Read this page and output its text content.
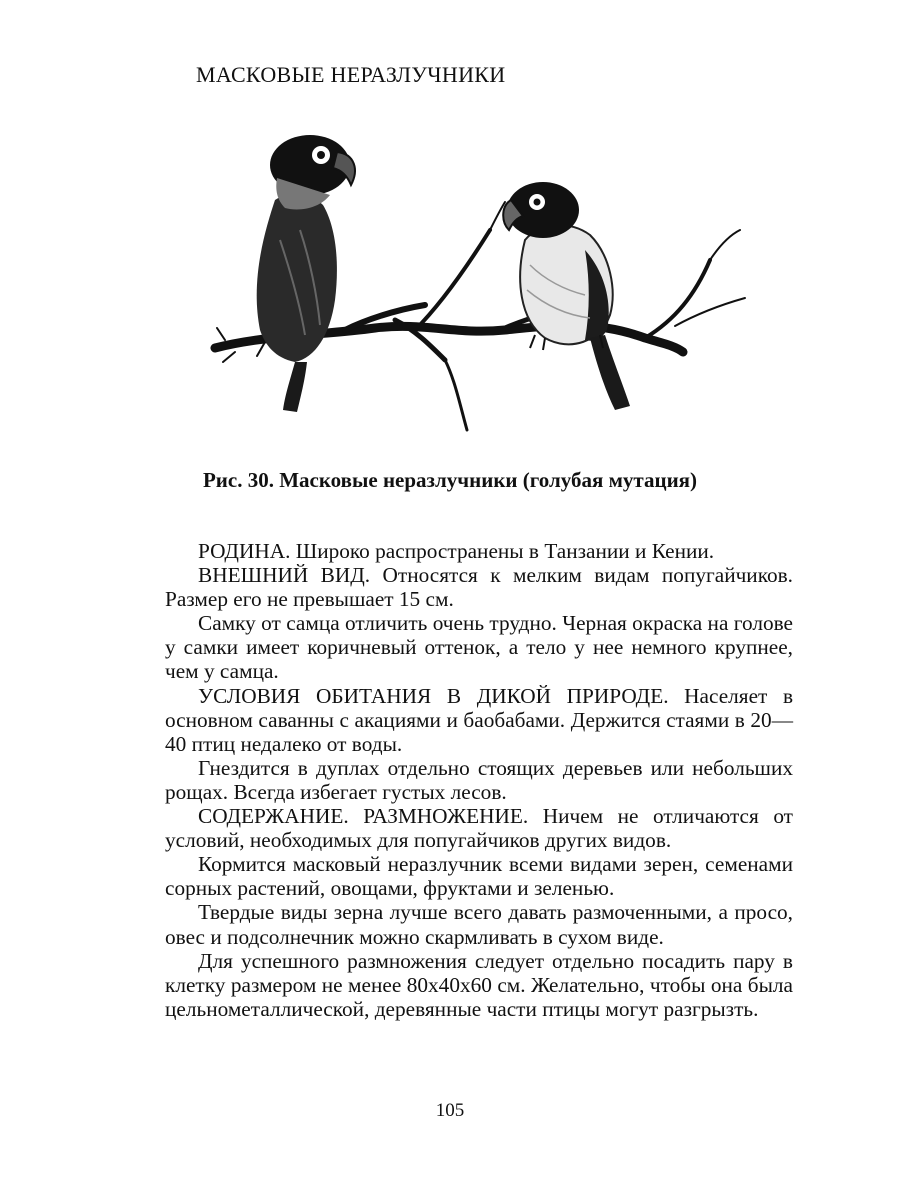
МАСКОВЫЕ НЕРАЗЛУЧНИКИ
Рис. 30. Масковые неразлучники (голубая мутация)

РОДИНА. Широко распространены в Танзании и Кении.

ВНЕШНИЙ ВИД. Относятся к мелким видам попугайчиков. Размер его не превышает 15 см.

Самку от самца отличить очень трудно. Черная окраска на голове у самки имеет коричневый оттенок, а тело у нее немного крупнее, чем у самца.

УСЛОВИЯ ОБИТАНИЯ В ДИКОЙ ПРИРОДЕ. Населяет в основном саванны с акациями и баобабами. Держится стаями в 20—40 птиц недалеко от воды.

Гнездится в дуплах отдельно стоящих деревьев или небольших рощах. Всегда избегает густых лесов.

СОДЕРЖАНИЕ. РАЗМНОЖЕНИЕ. Ничем не отличаются от условий, необходимых для попугайчиков других видов.

Кормится масковый неразлучник всеми видами зерен, семенами сорных растений, овощами, фруктами и зеленью.

Твердые виды зерна лучше всего давать размоченными, а просо, овес и подсолнечник можно скармливать в сухом виде.

Для успешного размножения следует отдельно посадить пару в клетку размером не менее 80х40х60 см. Желательно, чтобы она была цельнометаллической, деревянные части птицы могут разгрызть.

105
